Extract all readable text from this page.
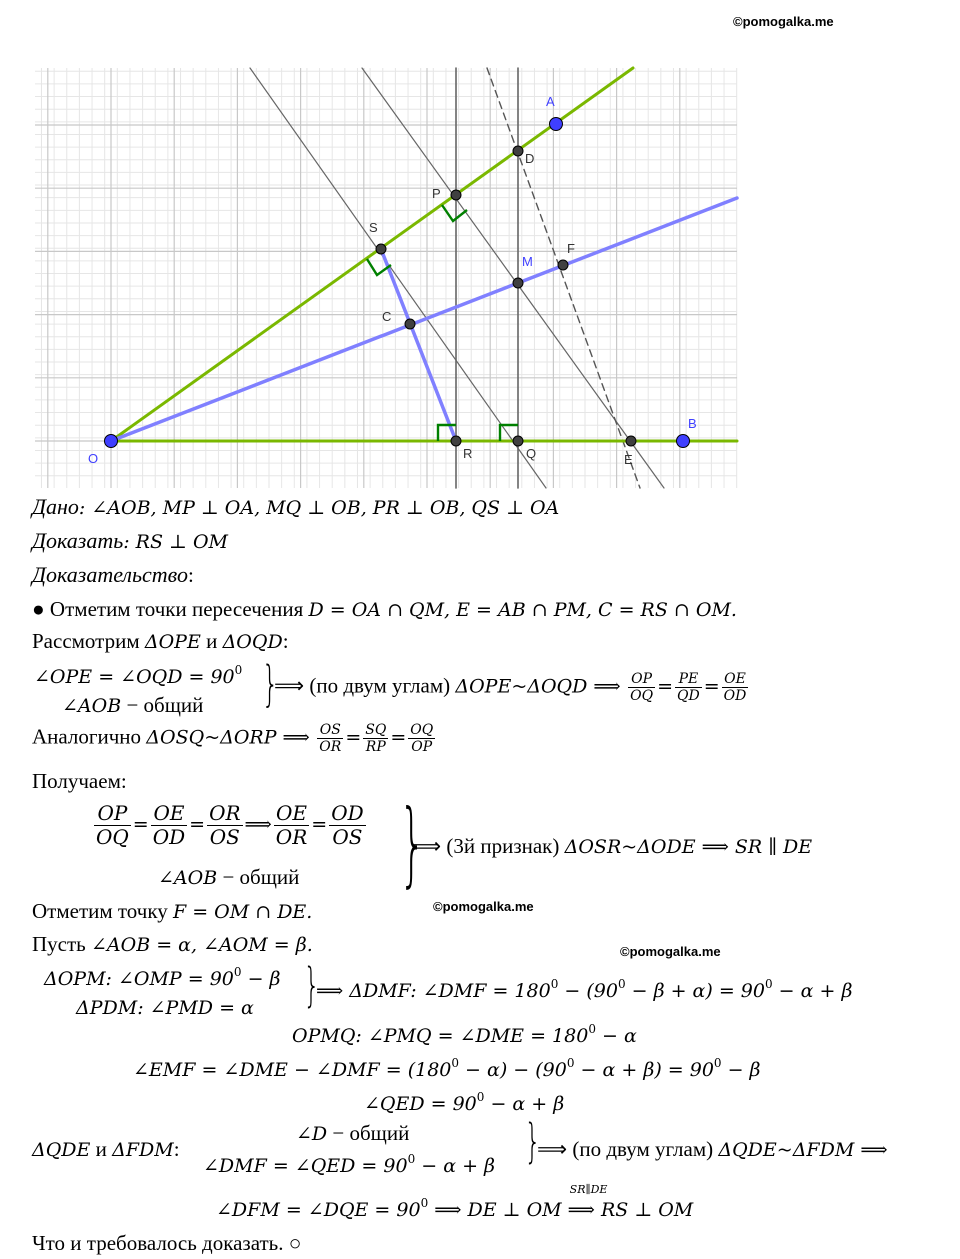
©pomogalka.me
©pomogalka.me
©pomogalka.me
O
A
B
P
D
S
M
F
C
R	Q	E
Дано: ∠AOB, MP ⊥ OA, MQ ⊥ OB, PR ⊥ OB, QS ⊥ OA
Доказать: RS ⊥ OM
Доказательство:
● Отметим точки пересечения D = OA ∩ QM, E = AB ∩ PM, C = RS ∩ OM.
Рассмотрим ΔOPE и ΔOQD:
∠OPE = ∠OQD = $90^0$
∠AOB − общий }
⟹ (по двум углам) ΔOPE~ΔOQD ⟹ $\frac{OP}{OQ} = \frac{PE}{QD} = \frac{OE}{OD}$
Аналогично ΔOSQ~ΔORP ⟹ $\frac{OS}{OR} = \frac{SQ}{RP} = \frac{OQ}{OP}$
Получаем:
$\frac{OP}{OQ} = \frac{OE}{OD} = \frac{OR}{OS}$ ⟹ $\frac{OE}{OR} = \frac{OD}{OS}$
∠AOB − общий }
⟹ (3й признак) ΔOSR~ΔODE ⟹ SR ∥ DE
Отметим точку F = OM ∩ DE.
Пусть ∠AOB = α, ∠AOM = β.
ΔOPM: ∠OMP = $90^0 - \beta$
ΔPDM: ∠PMD = α }
⟹ ΔDMF: ∠DMF = $180^0 - (90^0 - \beta + \alpha) = 90^0 - \alpha + \beta$
OPMQ: ∠PMQ = ∠DME = $180^0 - \alpha$
∠EMF = ∠DME − ∠DMF = $(180^0 - \alpha) - (90^0 - \alpha + \beta) = 90^0 - \beta$
∠QED = $90^0 - \alpha + \beta$
ΔQDE и ΔFDM:
∠D − общий
∠DMF = ∠QED = $90^0 - \alpha + \beta$ }
⟹ (по двум углам) ΔQDE~ΔFDM ⟹
∠DFM = ∠DQE = $90^0$ ⟹ DE ⊥ OM
SR∥DE
⟹ RS ⊥ OM
Что и требовалось доказать. ○
